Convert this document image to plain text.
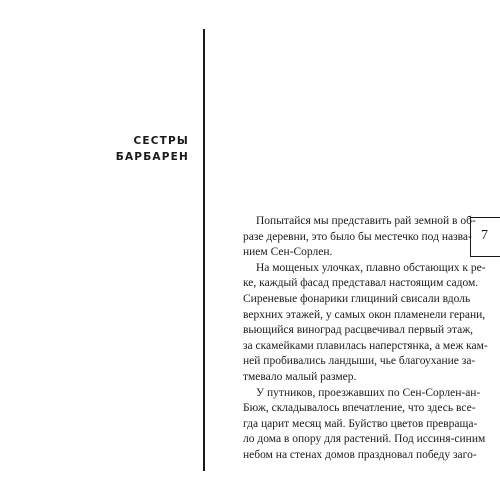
СЕСТРЫ
БАРБАРЕН
Попытайся мы представить рай земной в об-
разе деревни, это было бы местечко под назва‑
ни​ем Сен-Сорлен.
На мощеных улочках, плавно обстающих к ре-
ке, каждый фасад представал настоящим садом.
Сиреневые фонарики глициний свисали вдоль
верхних этажей, у самых окон пламенели герани,
вьющийся виноград расцвечивал первый этаж,
за скамейками плавилась наперстянка, а меж кам-
ней пробивались ландыши, чье благоухание за-
тмевало малый размер.
У путников, проезжавших по Сен-Сорлен-ан-
Бюж, складывалось впечатление, что здесь все-
гда царит месяц май. Буйство цветов превраща-
ло дома в опору для растений. Под иссиня-синим
небом на стенах домов праздновал победу заго-
7
